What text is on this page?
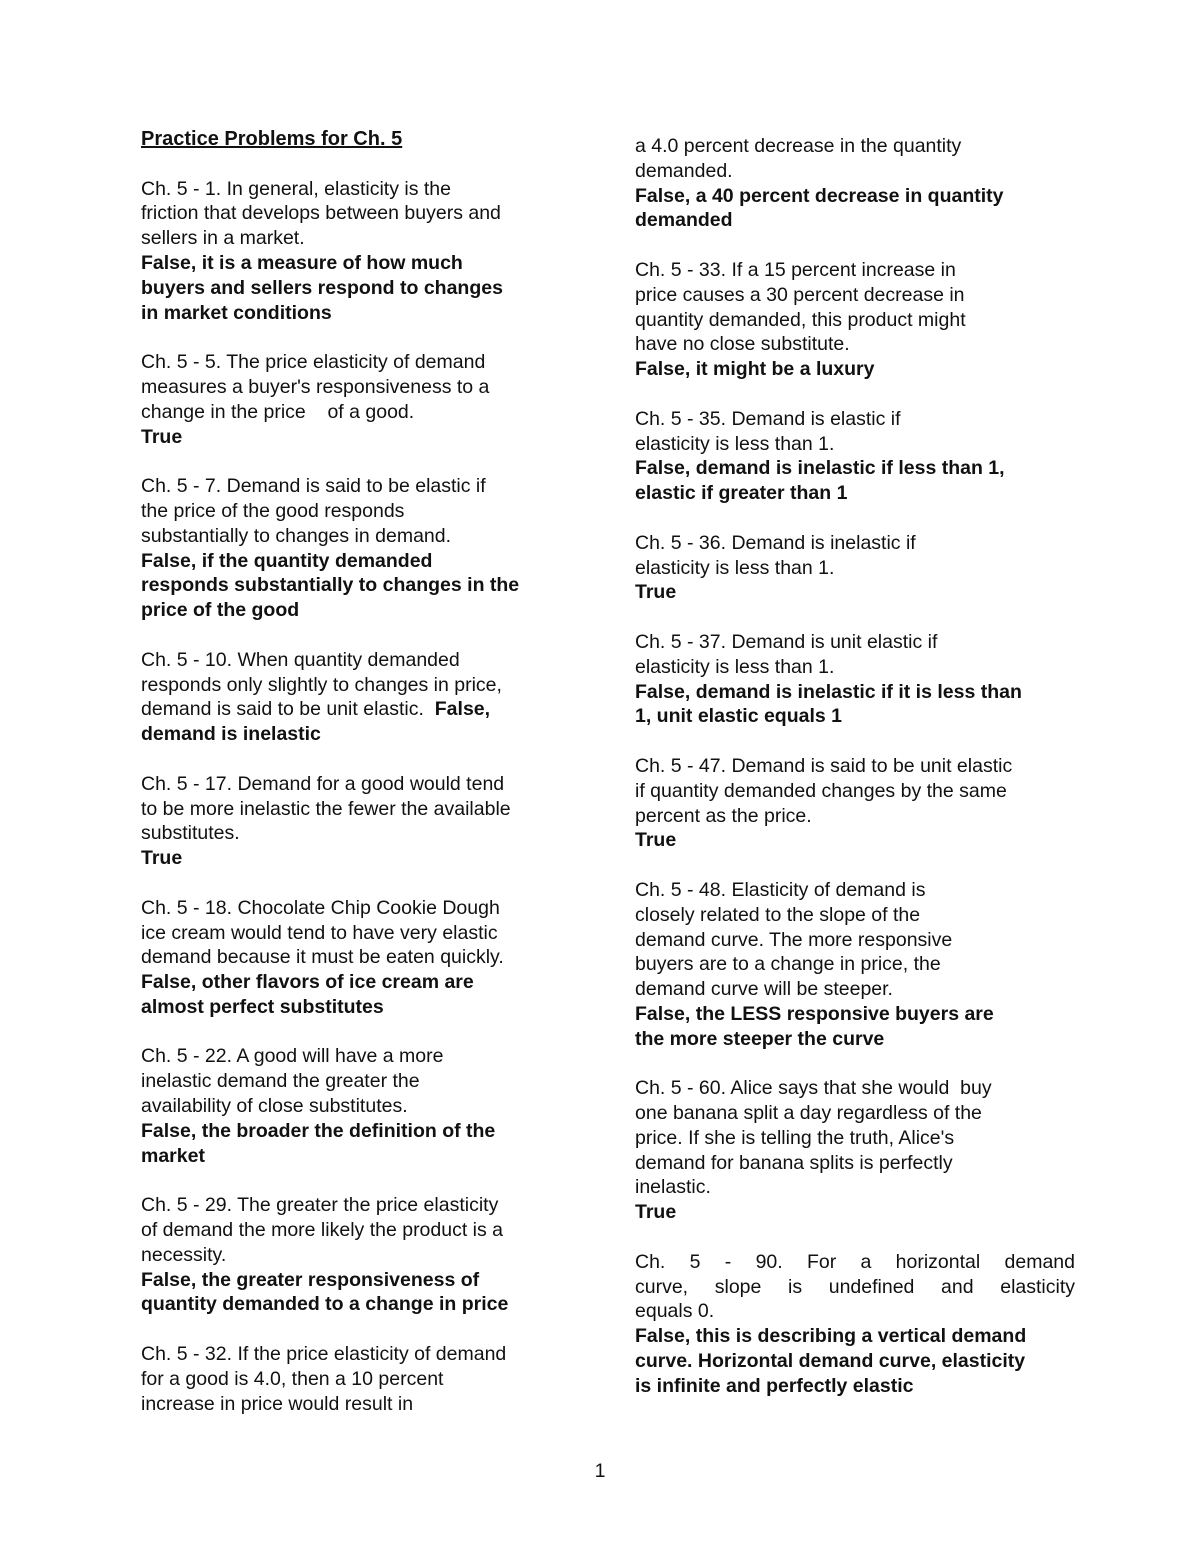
Practice Problems for Ch. 5
Ch. 5 - 1. In general, elasticity is the
friction that develops between buyers and
sellers in a market.
False, it is a measure of how much
buyers and sellers respond to changes
in market conditions
Ch. 5 - 5. The price elasticity of demand
measures a buyer's responsiveness to a
change in the price    of a good.
True
Ch. 5 - 7. Demand is said to be elastic if
the price of the good responds
substantially to changes in demand.
False, if the quantity demanded
responds substantially to changes in the
price of the good
Ch. 5 - 10. When quantity demanded
responds only slightly to changes in price,
demand is said to be unit elastic. False,
demand is inelastic
Ch. 5 - 17. Demand for a good would tend
to be more inelastic the fewer the available
substitutes.
True
Ch. 5 - 18. Chocolate Chip Cookie Dough
ice cream would tend to have very elastic
demand because it must be eaten quickly.
False, other flavors of ice cream are
almost perfect substitutes
Ch. 5 - 22. A good will have a more
inelastic demand the greater the
availability of close substitutes.
False, the broader the definition of the
market
Ch. 5 - 29. The greater the price elasticity
of demand the more likely the product is a
necessity.
False, the greater responsiveness of
quantity demanded to a change in price
Ch. 5 - 32. If the price elasticity of demand
for a good is 4.0, then a 10 percent
increase in price would result in
a 4.0 percent decrease in the quantity
demanded.
False, a 40 percent decrease in quantity
demanded
Ch. 5 - 33. If a 15 percent increase in
price causes a 30 percent decrease in
quantity demanded, this product might
have no close substitute.
False, it might be a luxury
Ch. 5 - 35. Demand is elastic if
elasticity is less than 1.
False, demand is inelastic if less than 1,
elastic if greater than 1
Ch. 5 - 36. Demand is inelastic if
elasticity is less than 1.
True
Ch. 5 - 37. Demand is unit elastic if
elasticity is less than 1.
False, demand is inelastic if it is less than
1, unit elastic equals 1
Ch. 5 - 47. Demand is said to be unit elastic
if quantity demanded changes by the same
percent as the price.
True
Ch. 5 - 48. Elasticity of demand is
closely related to the slope of the
demand curve. The more responsive
buyers are to a change in price, the
demand curve will be steeper.
False, the LESS responsive buyers are
the more steeper the curve
Ch. 5 - 60. Alice says that she would  buy
one banana split a day regardless of the
price. If she is telling the truth, Alice's
demand for banana splits is perfectly
inelastic.
True
Ch.  5  -  90.  For  a  horizontal  demand
curve,  slope  is  undefined  and  elasticity
equals 0.
False, this is describing a vertical demand
curve. Horizontal demand curve, elasticity
is infinite and perfectly elastic
1
